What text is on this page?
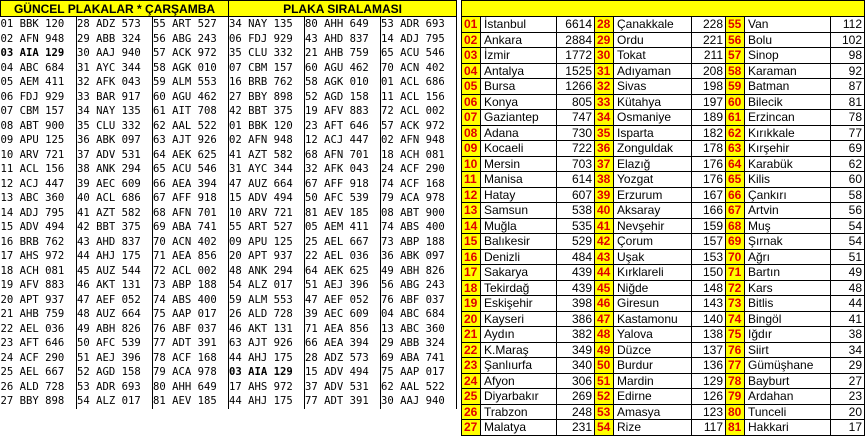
GÜNCEL PLAKALAR * ÇARŞAMBA			PLAKA SIRALAMASI		
01 BBK 120	28 ADZ 573	55 ART 527	34 NAY 135	80 AHH 649	53 ADR 693
02 AFN 948	29 ABB 324	56 ABG 243	06 FDJ 929	43 AHD 837	14 ADJ 795
03 AIA 129	30 AAJ 940	57 ACK 972	35 CLU 332	21 AHB 759	65 ACU 546
04 ABC 684	31 AYC 344	58 AGK 010	07 CBM 157	60 AGU 462	70 ACN 402
05 AEM 411	32 AFK 043	59 ALM 553	16 BRB 762	58 AGK 010	01 ACL 686
06 FDJ 929	33 BAR 917	60 AGU 462	27 BBY 898	52 AGD 158	11 ACL 156
07 CBM 157	34 NAY 135	61 AIT 708	42 BBT 375	19 AFV 883	72 ACL 002
08 ABT 900	35 CLU 332	62 AAL 522	01 BBK 120	23 AFT 646	57 ACK 972
09 APU 125	36 ABK 097	63 AJT 926	02 AFN 948	12 ACJ 447	02 AFN 948
10 ARV 721	37 ADV 531	64 AEK 625	41 AZT 582	68 AFN 701	18 ACH 081
11 ACL 156	38 ANK 294	65 ACU 546	31 AYC 344	32 AFK 043	24 ACF 290
12 ACJ 447	39 AEC 609	66 AEA 394	47 AUZ 664	67 AFF 918	74 ACF 168
13 ABC 360	40 ACL 686	67 AFF 918	15 ADV 494	50 AFC 539	79 ACA 978
14 ADJ 795	41 AZT 582	68 AFN 701	10 ARV 721	81 AEV 185	08 ABT 900
15 ADV 494	42 BBT 375	69 ABA 741	55 ART 527	05 AEM 411	74 ABS 400
16 BRB 762	43 AHD 837	70 ACN 402	09 APU 125	25 AEL 667	73 ABP 188
17 AHS 972	44 AHJ 175	71 AEA 856	20 APT 937	22 AEL 036	36 ABK 097
18 ACH 081	45 AUZ 544	72 ACL 002	48 ANK 294	64 AEK 625	49 ABH 826
19 AFV 883	46 AKT 131	73 ABP 188	54 ALZ 017	51 AEJ 396	56 ABG 243
20 APT 937	47 AEF 052	74 ABS 400	59 ALM 553	47 AEF 052	76 ABF 037
21 AHB 759	48 AUZ 664	75 AAP 017	26 ALD 728	39 AEC 609	04 ABC 684
22 AEL 036	49 ABH 826	76 ABF 037	46 AKT 131	71 AEA 856	13 ABC 360
23 AFT 646	50 AFC 539	77 ADT 391	63 AJT 926	66 AEA 394	29 ABB 324
24 ACF 290	51 AEJ 396	78 ACF 168	44 AHJ 175	28 ADZ 573	69 ABA 741
25 AEL 667	52 AGD 158	79 ACA 978	03 AIA 129	15 ADV 494	75 AAP 017
26 ALD 728	53 ADR 693	80 AHH 649	17 AHS 972	37 ADV 531	62 AAL 522
27 BBY 898	54 ALZ 017	81 AEV 185	44 AHJ 175	77 ADT 391	30 AAJ 940

01	İstanbul	6614	28	Çanakkale	228	55	Van	112
02	Ankara	2884	29	Ordu	221	56	Bolu	102
03	İzmir	1772	30	Tokat	211	57	Sinop	98
04	Antalya	1525	31	Adıyaman	208	58	Karaman	92
05	Bursa	1266	32	Sivas	198	59	Batman	87
06	Konya	805	33	Kütahya	197	60	Bilecik	81
07	Gaziantep	747	34	Osmaniye	189	61	Erzincan	78
08	Adana	730	35	Isparta	182	62	Kırıkkale	77
09	Kocaeli	722	36	Zonguldak	178	63	Kırşehir	69
10	Mersin	703	37	Elazığ	176	64	Karabük	62
11	Manisa	614	38	Yozgat	176	65	Kilis	60
12	Hatay	607	39	Erzurum	167	66	Çankırı	58
13	Samsun	538	40	Aksaray	166	67	Artvin	56
14	Muğla	535	41	Nevşehir	159	68	Muş	54
15	Balıkesir	529	42	Çorum	157	69	Şırnak	54
16	Denizli	484	43	Uşak	153	70	Ağrı	51
17	Sakarya	439	44	Kırklareli	150	71	Bartın	49
18	Tekirdağ	439	45	Niğde	148	72	Kars	48
19	Eskişehir	398	46	Giresun	143	73	Bitlis	44
20	Kayseri	386	47	Kastamonu	140	74	Bingöl	41
21	Aydın	382	48	Yalova	138	75	Iğdır	38
22	K.Maraş	349	49	Düzce	137	76	Siirt	34
23	Şanlıurfa	340	50	Burdur	136	77	Gümüşhane	29
24	Afyon	306	51	Mardin	129	78	Bayburt	27
25	Diyarbakır	269	52	Edirne	126	79	Ardahan	23
26	Trabzon	248	53	Amasya	123	80	Tunceli	20
27	Malatya	231	54	Rize	117	81	Hakkari	17
